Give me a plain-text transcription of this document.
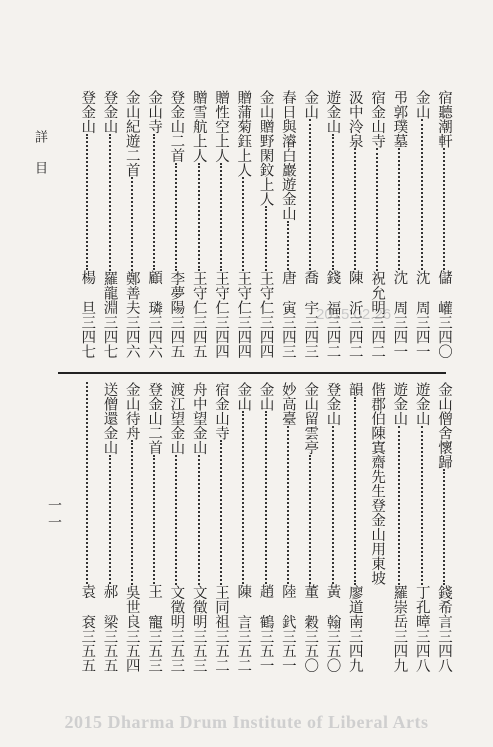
詳目
一一
2015.02.26
2015 Dharma Drum Institute of Liberal Arts
宿聽潮軒
儲 巏
三四〇
金山
沈 周
三四一
弔郭璞墓
沈 周
三四一
宿金山寺
祝允明
三四二
汲中泠泉
陳 沂
三四二
遊金山
錢 福
三四二
金山
喬 宇
三四三
春日與濬白巖遊金山
唐 寅
三四三
金山贈野閑鈫上人
王守仁
三四四
贈蒲菊鈺上人
王守仁
三四四
贈性空上人
王守仁
三四四
贈雪航上人
王守仁
三四五
登金山二首
李夢陽
三四五
金山寺
顧 璘
三四六
金山紀遊二首
鄭善夫
三四六
登金山
羅龍淵
三四七
登金山
楊 旦
三四七
金山僧舍懷歸
錢希言
三四八
遊金山
丁孔暲
三四八
遊金山
羅崇岳
三四九
偕郡伯陳寘齋先生登金山用東坡
韻
廖道南
三四九
登金山
黃 翰
三五〇
金山留雲亭
董 穀
三五〇
妙高臺
陸 釴
三五一
金山
趙 鶴
三五一
金山
陳 言
三五二
宿金山寺
王同祖
三五二
舟中望金山
文徵明
三五三
渡江望金山
文徵明
三五三
登金山二首
王 寵
三五三
金山待舟
吳世良
三五四
送僧還金山
郝 梁
三五五
袁 袞
三五五
